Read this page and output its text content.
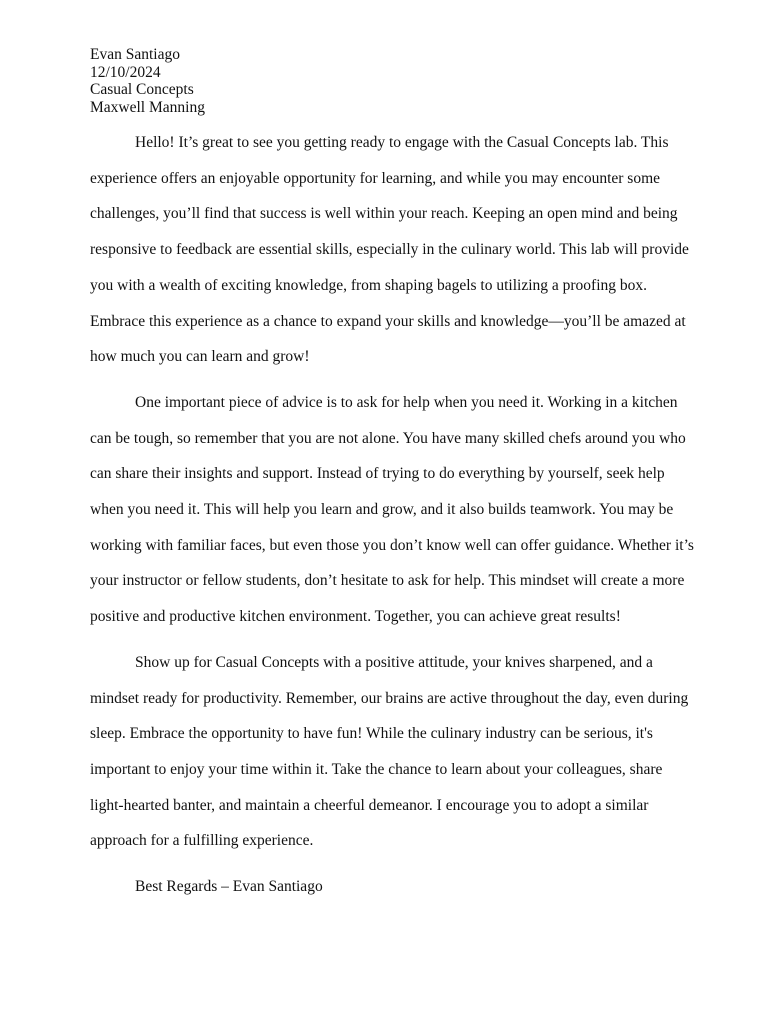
Evan Santiago

12/10/2024

Casual Concepts

Maxwell Manning

Hello! It’s great to see you getting ready to engage with the Casual Concepts lab. This
experience offers an enjoyable opportunity for learning, and while you may encounter some
challenges, you’ll find that success is well within your reach. Keeping an open mind and being
responsive to feedback are essential skills, especially in the culinary world. This lab will provide
you with a wealth of exciting knowledge, from shaping bagels to utilizing a proofing box.
Embrace this experience as a chance to expand your skills and knowledge—you’ll be amazed at
how much you can learn and grow!
One important piece of advice is to ask for help when you need it. Working in a kitchen
can be tough, so remember that you are not alone. You have many skilled chefs around you who
can share their insights and support. Instead of trying to do everything by yourself, seek help
when you need it. This will help you learn and grow, and it also builds teamwork. You may be
working with familiar faces, but even those you don’t know well can offer guidance. Whether it’s
your instructor or fellow students, don’t hesitate to ask for help. This mindset will create a more
positive and productive kitchen environment. Together, you can achieve great results!
Show up for Casual Concepts with a positive attitude, your knives sharpened, and a
mindset ready for productivity. Remember, our brains are active throughout the day, even during
sleep. Embrace the opportunity to have fun! While the culinary industry can be serious, it's
important to enjoy your time within it. Take the chance to learn about your colleagues, share
light-hearted banter, and maintain a cheerful demeanor. I encourage you to adopt a similar
approach for a fulfilling experience.

Best Regards – Evan Santiago
